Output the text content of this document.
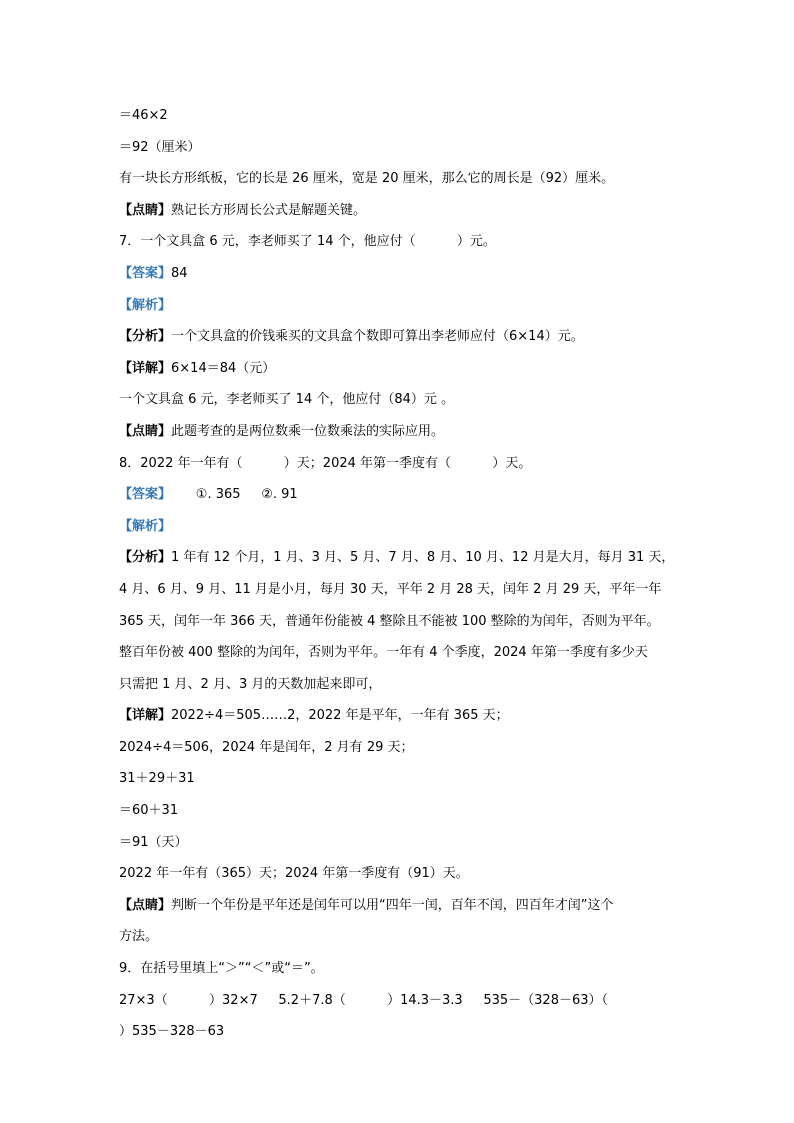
＝46×2
＝92（厘米）
有一块长方形纸板，它的长是 26 厘米，宽是 20 厘米，那么它的周长是（92）厘米。
【点睛】熟记长方形周长公式是解题关键。
7．一个文具盒 6 元，李老师买了 14 个，他应付（          ）元。
【答案】84
【解析】
【分析】一个文具盒的价钱乘买的文具盒个数即可算出李老师应付（6×14）元。
【详解】6×14＝84（元）
一个文具盒 6 元，李老师买了 14 个，他应付（84）元 。
【点睛】此题考查的是两位数乘一位数乘法的实际应用。
8．2022 年一年有（          ）天；2024 年第一季度有（          ）天。
【答案】      ①. 365     ②. 91
【解析】
【分析】1 年有 12 个月，1 月、3 月、5 月、7 月、8 月、10 月、12 月是大月，每月 31 天，
4 月、6 月、9 月、11 月是小月，每月 30 天，平年 2 月 28 天，闰年 2 月 29 天，平年一年
365 天，闰年一年 366 天，普通年份能被 4 整除且不能被 100 整除的为闰年，否则为平年。
整百年份被 400 整除的为闰年，否则为平年。一年有 4 个季度，2024 年第一季度有多少天
只需把 1 月、2 月、3 月的天数加起来即可，
【详解】2022÷4＝505……2，2022 年是平年，一年有 365 天；
2024÷4＝506，2024 年是闰年，2 月有 29 天；
31＋29＋31
＝60＋31
＝91（天）
2022 年一年有（365）天；2024 年第一季度有（91）天。
【点睛】判断一个年份是平年还是闰年可以用“四年一闰，百年不闰，四百年才闰”这个
方法。
9．在括号里填上“＞”“＜”或“＝”。
27×3（          ）32×7     5.2＋7.8（          ）14.3－3.3     535－（328－63）（
）535－328－63
